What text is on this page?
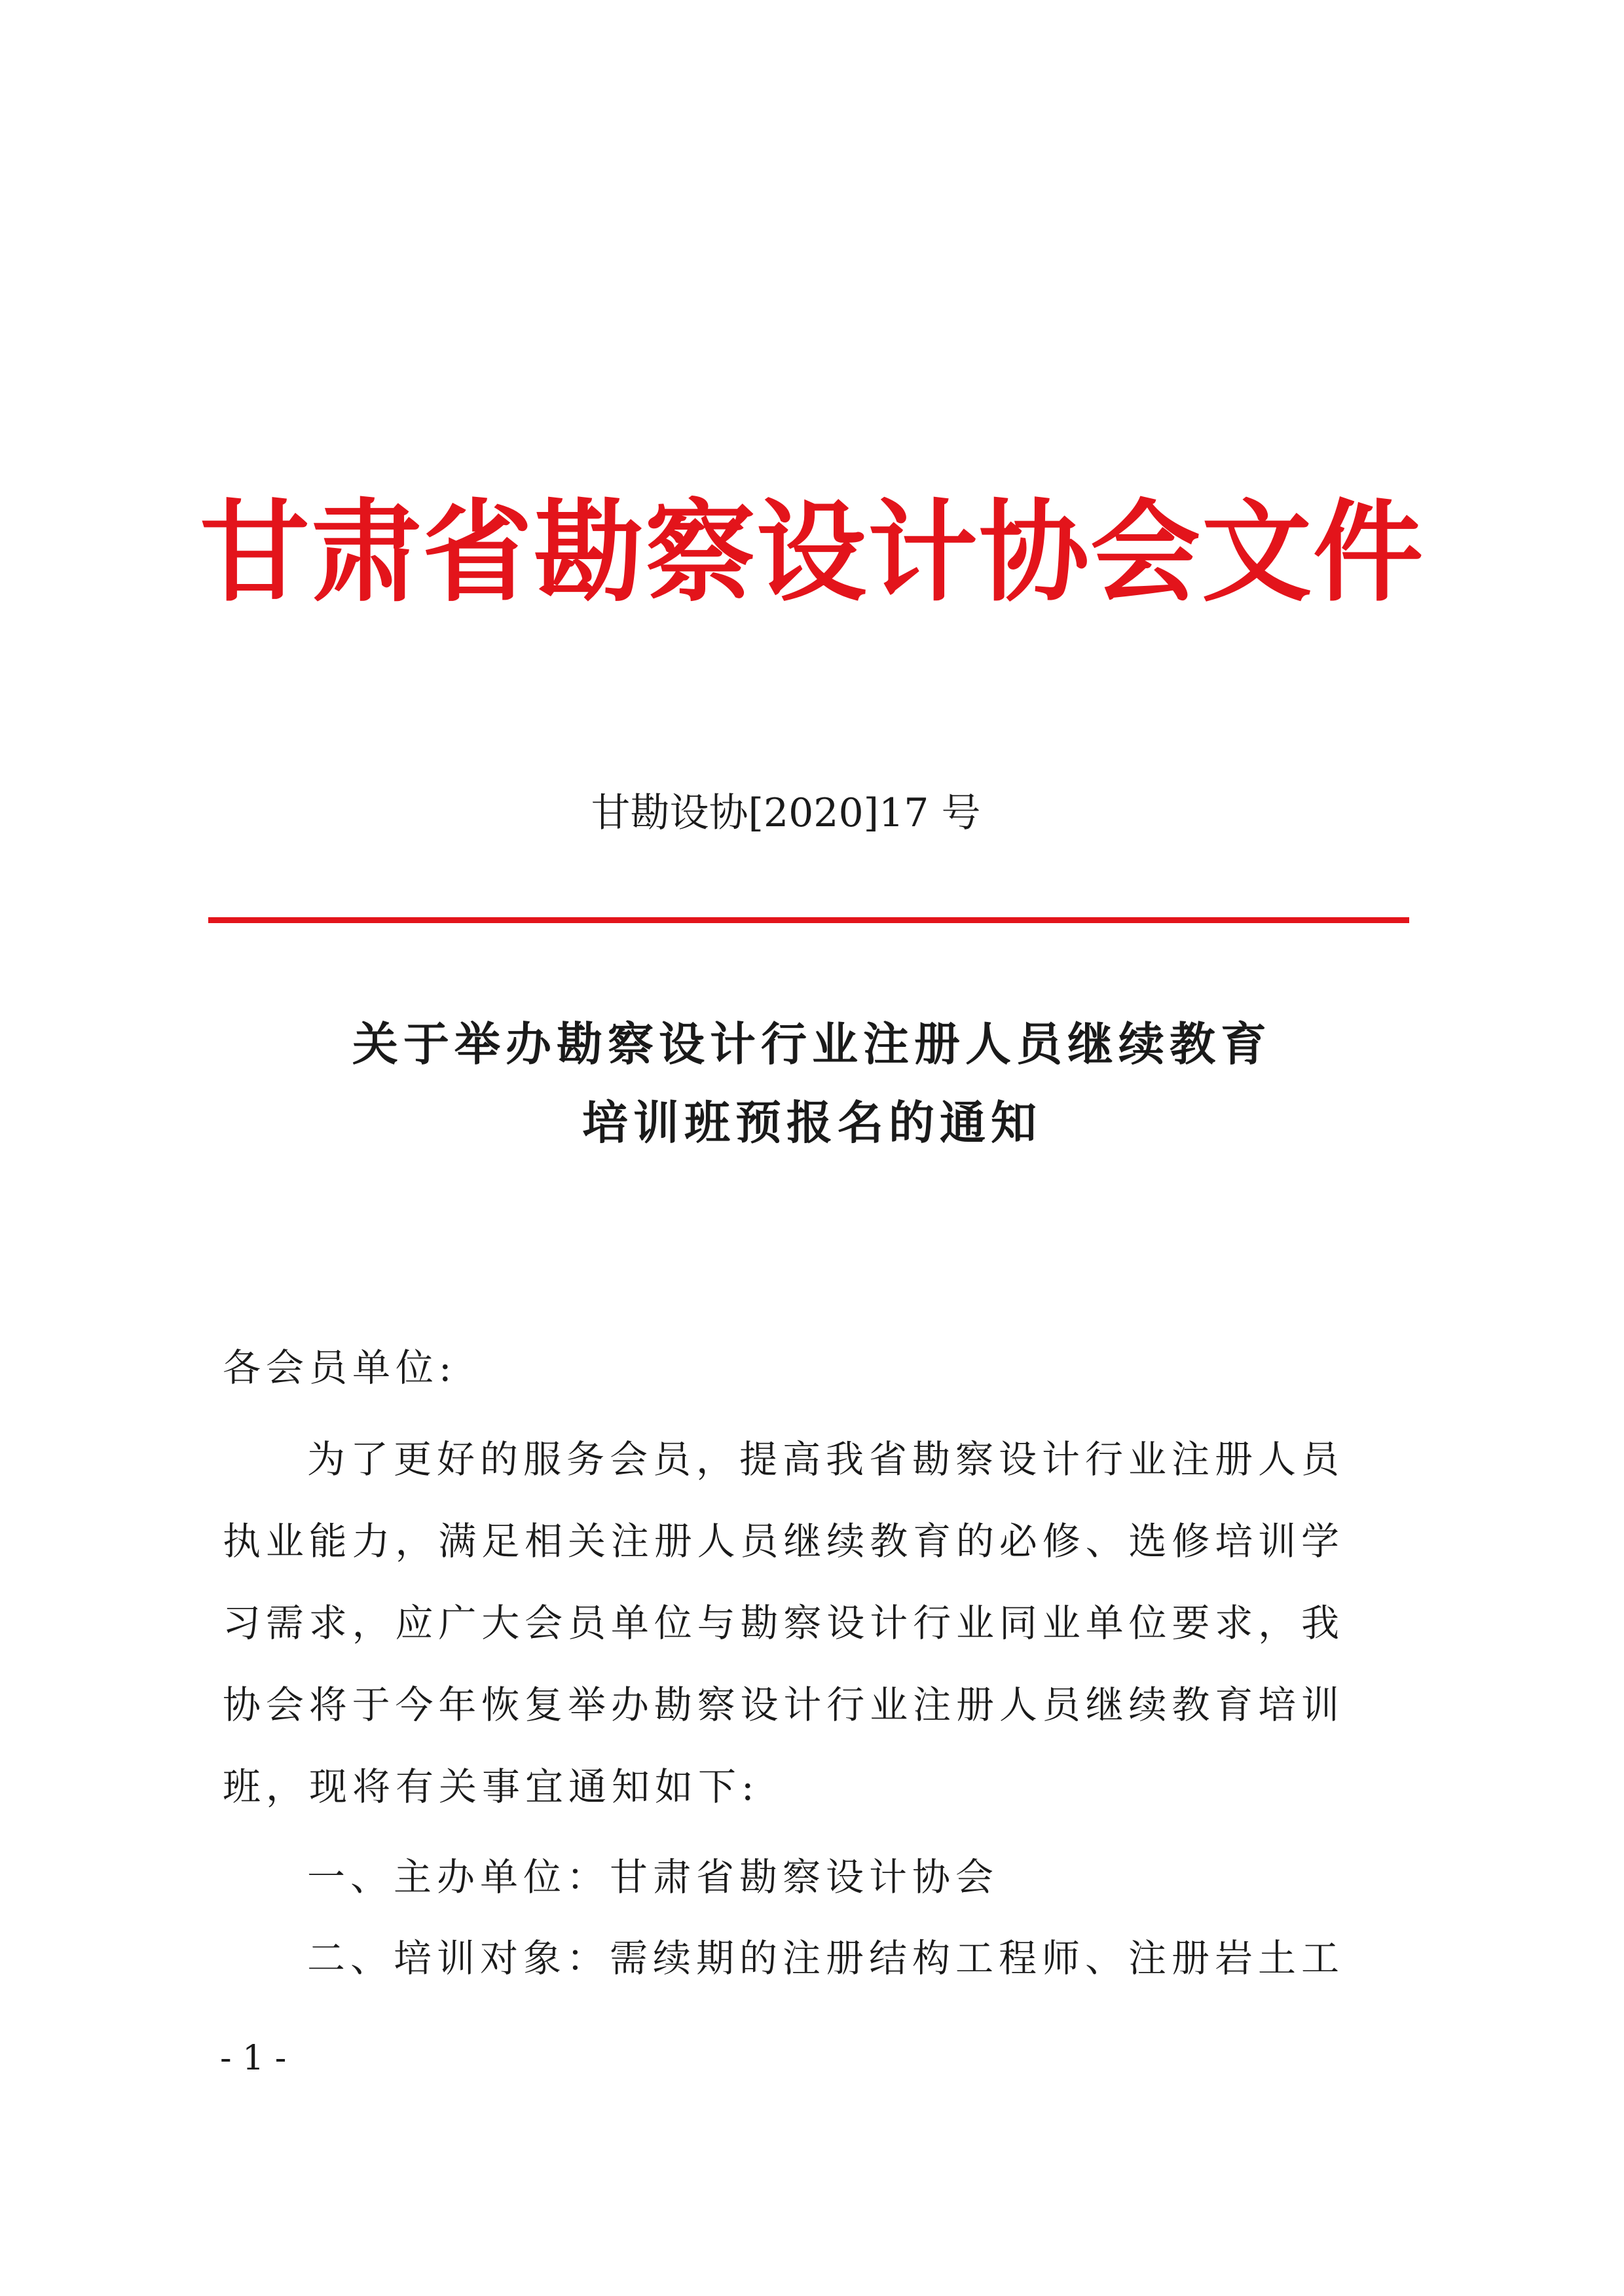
甘肃省勘察设计协会文件
甘勘设协[2020]17 号
关于举办勘察设计行业注册人员继续教育
培训班预报名的通知
各会员单位:
为了更好的服务会员，提高我省勘察设计行业注册人员
执业能力，满足相关注册人员继续教育的必修、选修培训学
习需求，应广大会员单位与勘察设计行业同业单位要求，我
协会将于今年恢复举办勘察设计行业注册人员继续教育培训
班，现将有关事宜通知如下:
一、主办单位：甘肃省勘察设计协会
二、培训对象：需续期的注册结构工程师、注册岩土工
- 1 -
